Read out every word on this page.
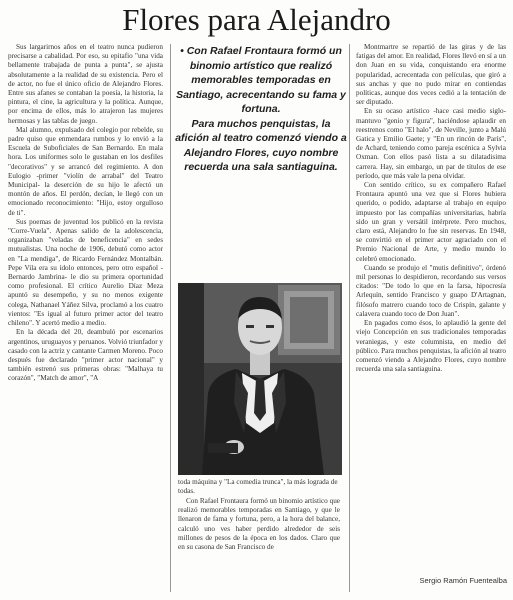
Flores para Alejandro

Sus largarirnos años en el teatro nunca pudieron precisarse a cabalidad. Por eso, su epitafio "una vida bellamente trabajada de punta a punta", se ajusta absolutamente a la realidad de su existencia. Pero el de actor, no fue el único oficio de Alejandro Flores. Entre sus afanes se contaban la poesía, la historia, la pintura, el cine, la agricultura y la política. Aunque, por encima de ellos, más lo atrajeron las mujeres hermosas y las tablas de juego.

Mal alumno, expulsado del colegio por rebelde, su padre quiso que enmendara rumbos y lo envió a la Escuela de Suboficiales de San Bernardo. En mala hora. Los uniformes solo le gustaban en los desfiles "decorativos" y se arrancó del regimiento. A don Eulogio -primer "violín de arrabal" del Teatro Municipal- la deserción de su hijo le afectó un montón de años. El perdón, decían, le llegó con un emocionado reconocimiento: "Hijo, estoy orgulloso de ti".

Sus poemas de juventud los publicó en la revista "Corre-Vuela". Apenas salido de la adolescencia, organizaban "veladas de beneficencia" en sedes mutualistas. Una noche de 1906, debutó como actor en "La mendiga", de Ricardo Fernández Montalbán. Pepe Vila era su ídolo entonces, pero otro español -Bernardo Jambrina- le dio su primera oportunidad como profesional. El crítico Aurelio Díaz Meza apuntó su desempeño, y su no menos exigente colega, Nathanael Yáñez Silva, proclamó a los cuatro vientos: "Es igual al futuro primer actor del teatro chileno". Y acertó medio a medio.

En la década del 20, deambuló por escenarios argentinos, uruguayos y peruanos. Volvió triunfador y casado con la actriz y cantante Carmen Moreno. Poco después fue declarado "primer actor nacional" y también estrenó sus primeras obras: "Malhaya tu corazón", "Match de amor", "A

• Con Rafael Frontaura formó un binomio artístico que realizó memorables temporadas en Santiago, acrecentando su fama y fortuna.

Para muchos penquistas, la afición al teatro comenzó viendo a Alejandro Flores, cuyo nombre recuerda una sala santiaguina.

toda máquina y "La comedia trunca", la más lograda de todas.

Con Rafael Frontaura formó un binomio artístico que realizó memorables temporadas en Santiago, y que le llenaron de fama y fortuna, pero, a la hora del balance, calculó uno ves haber perdido alrededor de seis millones de pesos de la época en los dados. Claro que en su casona de San Francisco de

Montmartre se repartió de las giras y de las fatigas del amor. En realidad, Flores llevó en sí a un don Juan en su vida, conquistando era enorme popularidad, acrecentada con películas, que giró a sus anchas y que no pudo mirar en contiendas políticas, aunque dos veces cedió a la tentación de ser diputado.

En su ocaso artístico -hace casi medio siglo- mantuvo "genio y figura", haciéndose aplaudir en reestrenos como "El halo", de Neville, junto a Malú Gatica y Emilio Gaete; y "En un rincón de París", de Achard, teniendo como pareja escénica a Sylvia Oxman. Con ellos pasó lista a su dilatadisima carrera. Hay, sin embargo, un par de títulos de ese período, que más vale la pena olvidar.

Con sentido crítico, su ex compañero Rafael Frontaura apuntó una vez que si Flores hubiera querido, o podido, adaptarse al trabajo en equipo impuesto por las compañías universitarias, habría sido un gran y versátil intérprete. Pero muchos, claro está, Alejandro lo fue sin reservas. En 1948, se convirtió en el primer actor agraciado con el Premio Nacional de Arte, y medio mundo lo celebró emocionado.

Cuando se produjo el "mutis definitivo", órdenó mil personas lo despidieron, recordando sus versos citados: "De todo lo que en la farsa, hipocresía Arlequín, sentido Francisco y guapo D'Artagnan, filósofo matrero cuando toco de Crispín, galante y calavera cuando toco de Don Juan".

En pagados como ésos, lo aplaudió la gente del viejo Concepción en sus tradicionales temporadas veraniegas, y este columnista, en medio del público. Para muchos penquistas, la afición al teatro comenzó viendo a Alejandro Flores, cuyo nombre recuerda una sala santiaguina.

Sergio Ramón Fuentealba
